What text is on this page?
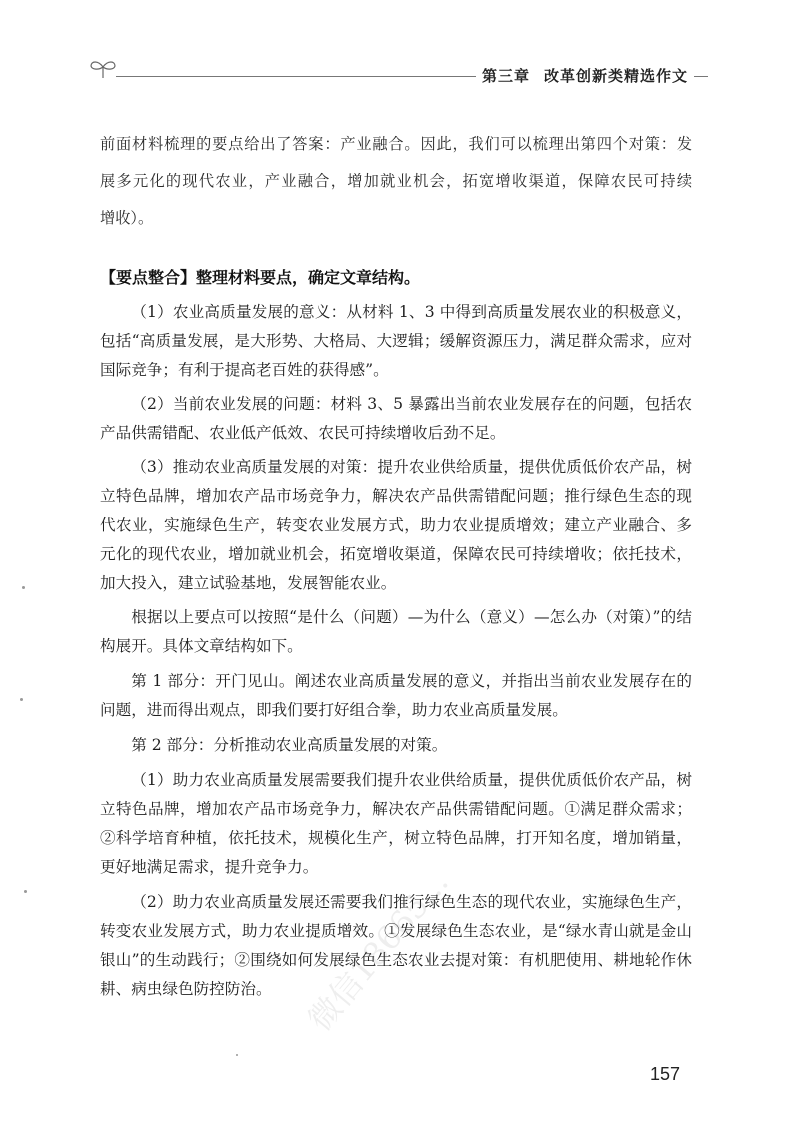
第三章 改革创新类精选作文

前面材料梳理的要点给出了答案：产业融合。因此，我们可以梳理出第四个对策：发

展多元化的现代农业，产业融合，增加就业机会，拓宽增收渠道，保障农民可持续

增收）。

【要点整合】整理材料要点，确定文章结构。

（1）农业高质量发展的意义：从材料 1、3 中得到高质量发展农业的积极意义，包括“高质量发展，是大形势、大格局、大逻辑；缓解资源压力，满足群众需求，应对国际竞争；有利于提高老百姓的获得感”。

（2）当前农业发展的问题：材料 3、5 暴露出当前农业发展存在的问题，包括农产品供需错配、农业低产低效、农民可持续增收后劲不足。

（3）推动农业高质量发展的对策：提升农业供给质量，提供优质低价农产品，树立特色品牌，增加农产品市场竞争力，解决农产品供需错配问题；推行绿色生态的现代农业，实施绿色生产，转变农业发展方式，助力农业提质增效；建立产业融合、多元化的现代农业，增加就业机会，拓宽增收渠道，保障农民可持续增收；依托技术，加大投入，建立试验基地，发展智能农业。

根据以上要点可以按照“是什么（问题）—为什么（意义）—怎么办（对策）”的结构展开。具体文章结构如下。

第 1 部分：开门见山。阐述农业高质量发展的意义，并指出当前农业发展存在的问题，进而得出观点，即我们要打好组合拳，助力农业高质量发展。

第 2 部分：分析推动农业高质量发展的对策。

（1）助力农业高质量发展需要我们提升农业供给质量，提供优质低价农产品，树立特色品牌，增加农产品市场竞争力，解决农产品供需错配问题。①满足群众需求；②科学培育种植，依托技术，规模化生产，树立特色品牌，打开知名度，增加销量，更好地满足需求，提升竞争力。

（2）助力农业高质量发展还需要我们推行绿色生态的现代农业，实施绿色生产，转变农业发展方式，助力农业提质增效。①发展绿色生态农业，是“绿水青山就是金山银山”的生动践行；②围绕如何发展绿色生态农业去提对策：有机肥使用、耕地轮作休耕、病虫绿色防控防治。 微信18665...
157
